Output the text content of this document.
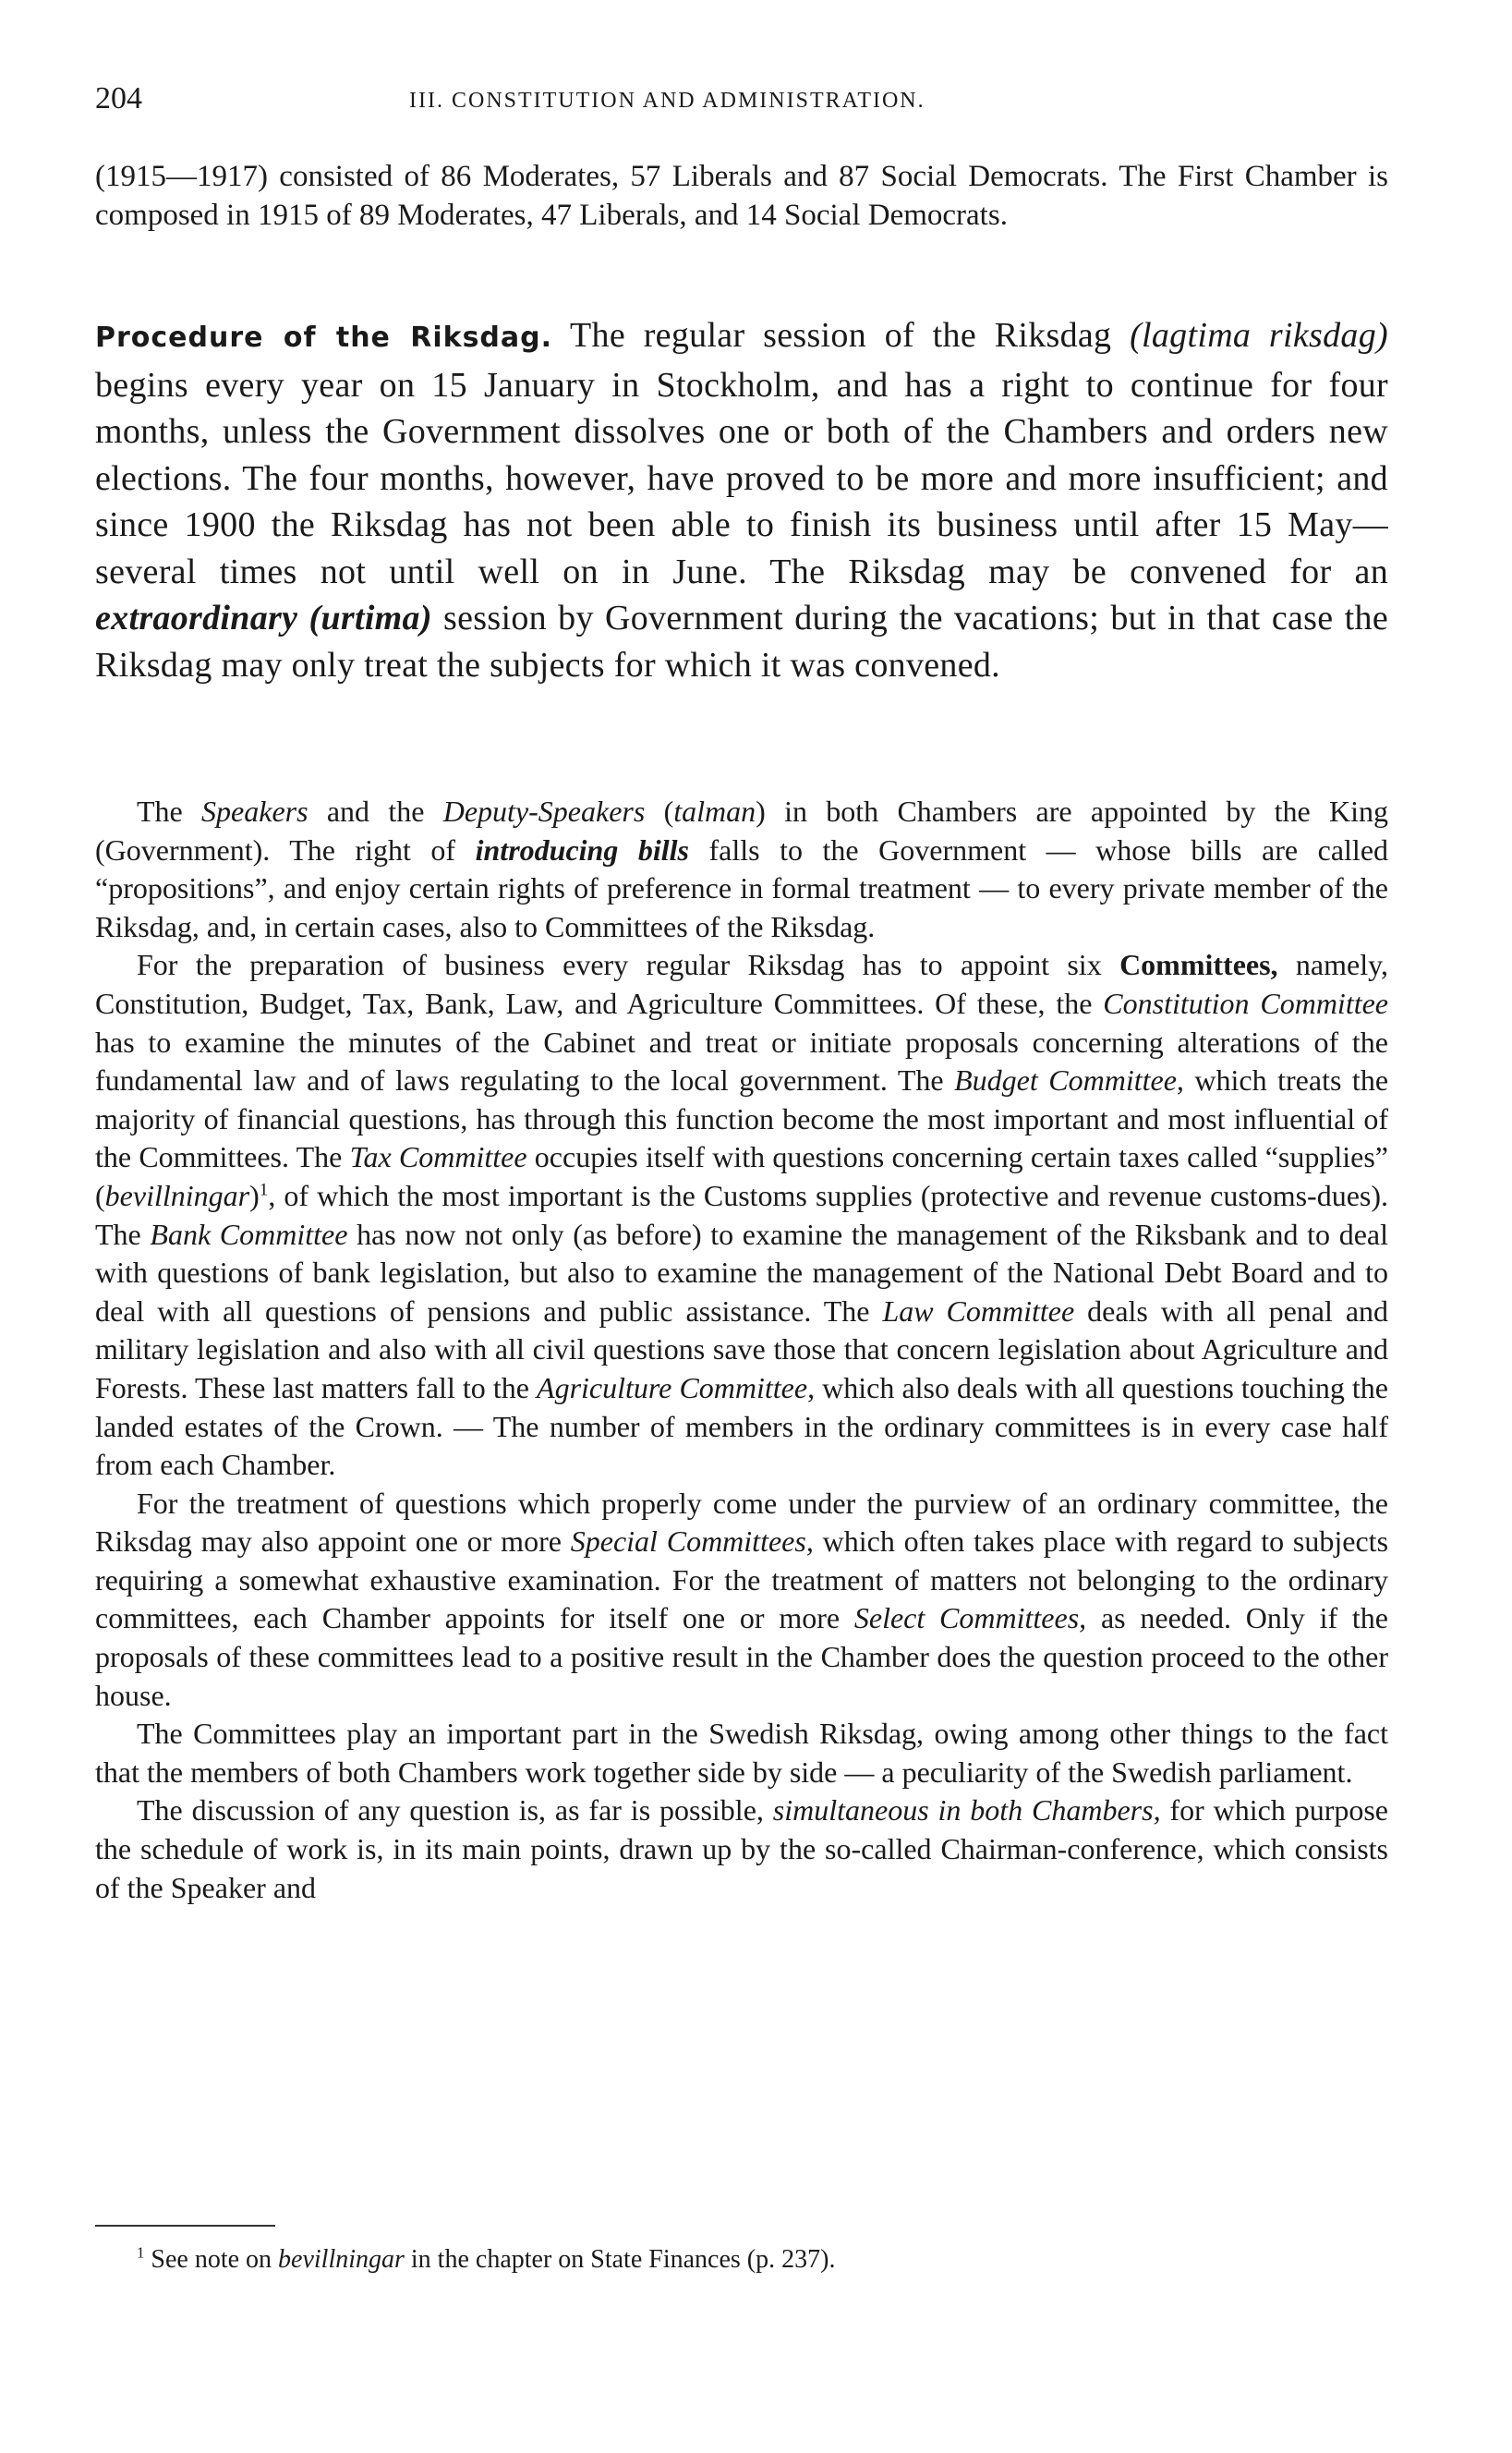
204	III. CONSTITUTION AND ADMINISTRATION.

(1915—1917) consisted of 86 Moderates, 57 Liberals and 87 Social Democrats. The First Chamber is composed in 1915 of 89 Moderates, 47 Liberals, and 14 Social Democrats.

Procedure of the Riksdag. The regular session of the Riksdag (lagtima riksdag) begins every year on 15 January in Stockholm, and has a right to continue for four months, unless the Government dissolves one or both of the Chambers and orders new elections. The four months, however, have proved to be more and more insufficient; and since 1900 the Riksdag has not been able to finish its business until after 15 May—several times not until well on in June. The Riksdag may be convened for an extraordinary (urtima) session by Government during the vacations; but in that case the Riksdag may only treat the subjects for which it was convened.

The Speakers and the Deputy-Speakers (talman) in both Chambers are appointed by the King (Government). The right of introducing bills falls to the Government — whose bills are called “propositions”, and enjoy certain rights of preference in formal treatment — to every private member of the Riksdag, and, in certain cases, also to Committees of the Riksdag.

For the preparation of business every regular Riksdag has to appoint six Committees, namely, Constitution, Budget, Tax, Bank, Law, and Agriculture Committees. Of these, the Constitution Committee has to examine the minutes of the Cabinet and treat or initiate proposals concerning alterations of the fundamental law and of laws regulating to the local government. The Budget Committee, which treats the majority of financial questions, has through this function become the most important and most influential of the Committees. The Tax Committee occupies itself with questions concerning certain taxes called “supplies” (bevillningar)$^1$, of which the most important is the Customs supplies (protective and revenue customs-dues). The Bank Committee has now not only (as before) to examine the management of the Riksbank and to deal with questions of bank legislation, but also to examine the management of the National Debt Board and to deal with all questions of pensions and public assistance. The Law Committee deals with all penal and military legislation and also with all civil questions save those that concern legislation about Agriculture and Forests. These last matters fall to the Agriculture Committee, which also deals with all questions touching the landed estates of the Crown. — The number of members in the ordinary committees is in every case half from each Chamber.

For the treatment of questions which properly come under the purview of an ordinary committee, the Riksdag may also appoint one or more Special Committees, which often takes place with regard to subjects requiring a somewhat exhaustive examination. For the treatment of matters not belonging to the ordinary committees, each Chamber appoints for itself one or more Select Committees, as needed. Only if the proposals of these committees lead to a positive result in the Chamber does the question proceed to the other house.

The Committees play an important part in the Swedish Riksdag, owing among other things to the fact that the members of both Chambers work together side by side — a peculiarity of the Swedish parliament.

The discussion of any question is, as far is possible, simultaneous in both Chambers, for which purpose the schedule of work is, in its main points, drawn up by the so-called Chairman-conference, which consists of the Speaker and

$^1$ See note on bevillningar in the chapter on State Finances (p. 237).
